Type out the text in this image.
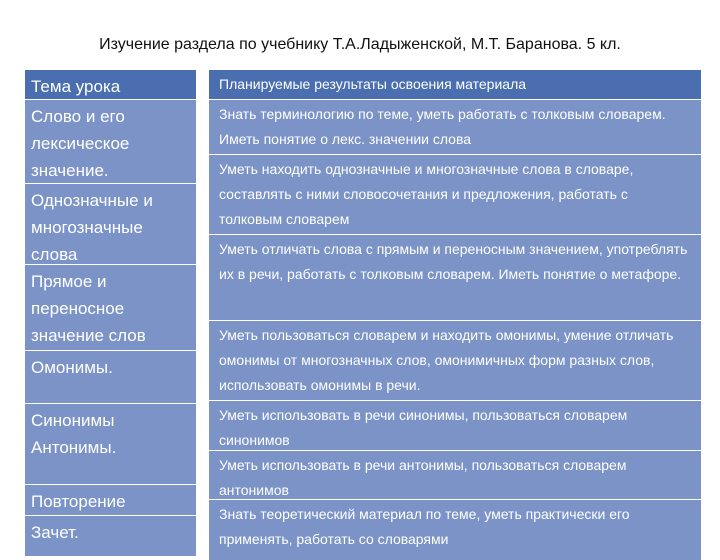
Изучение раздела по учебнику Т.А.Ладыженской, М.Т. Баранова. 5 кл.
Тема урока
Слово и его лексическое значение.
Однозначные и многозначные слова
Прямое и переносное значение слов
Омонимы.
Синонимы Антонимы.
Повторение
Зачет.
Планируемые результаты освоения материала
Знать терминологию по теме, уметь работать с толковым словарем. Иметь понятие о лекс. значении слова
Уметь находить однозначные и многозначные слова в словаре, составлять с ними словосочетания и предложения, работать с толковым словарем
Уметь отличать слова с прямым и переносным значением, употреблять их в речи, работать с толковым словарем. Иметь понятие о метафоре.
Уметь пользоваться словарем и находить омонимы, умение отличать омонимы от многозначных слов, омонимичных форм разных слов, использовать омонимы в речи.
Уметь использовать в речи синонимы, пользоваться словарем синонимов
Уметь использовать в речи антонимы, пользоваться словарем антонимов
Знать теоретический материал по теме, уметь практически его применять, работать со словарями
